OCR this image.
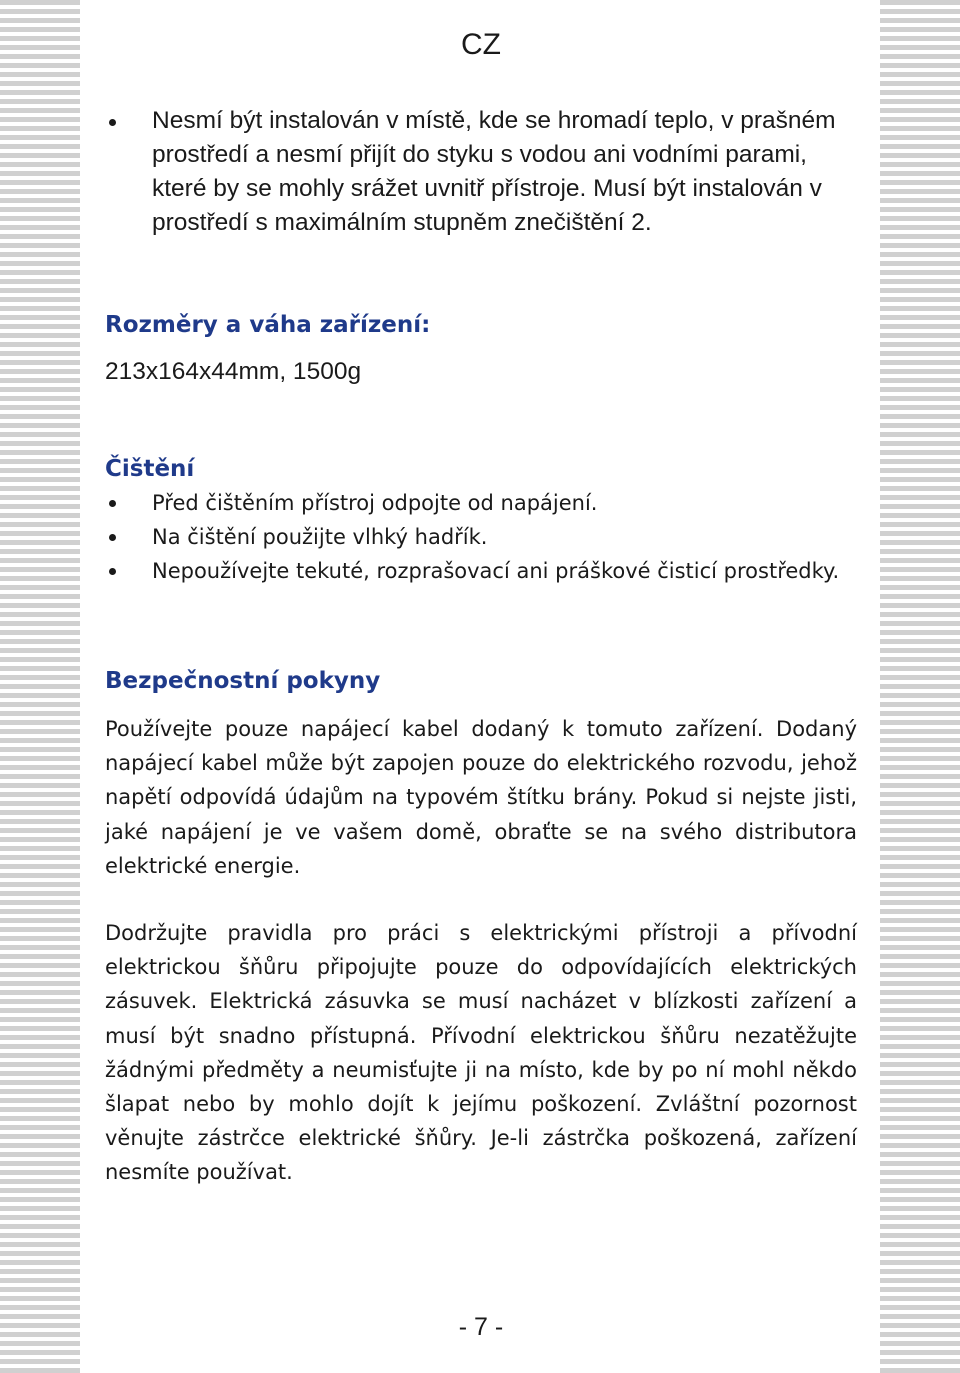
CZ
Nesmí být instalován v místě, kde se hromadí teplo, v prašném prostředí a nesmí přijít do styku s vodou ani vodními parami, které by se mohly srážet uvnitř přístroje. Musí být instalován v prostředí s maximálním stupněm znečištění 2.
Rozměry a váha zařízení:
213x164x44mm, 1500g
Čištění
Před čištěním přístroj odpojte od napájení.
Na čištění použijte vlhký hadřík.
Nepoužívejte tekuté, rozprašovací ani práškové čisticí prostředky.
Bezpečnostní pokyny

Používejte pouze napájecí kabel dodaný k tomuto zařízení. Dodaný napájecí kabel může být zapojen pouze do elektrického rozvodu, jehož napětí odpovídá údajům na typovém štítku brány. Pokud si nejste jisti, jaké napájení je ve vašem domě, obraťte se na svého distributora elektrické energie.

Dodržujte pravidla pro práci s elektrickými přístroji a přívodní elektrickou šňůru připojujte pouze do odpovídajících elektrických zásuvek. Elektrická zásuvka se musí nacházet v blízkosti zařízení a musí být snadno přístupná. Přívodní elektrickou šňůru nezatěžujte žádnými předměty a neumisťujte ji na místo, kde by po ní mohl někdo šlapat nebo by mohlo dojít k jejímu poškození. Zvláštní pozornost věnujte zástrčce elektrické šňůry. Je-li zástrčka poškozená, zařízení nesmíte používat.

- 7 -
